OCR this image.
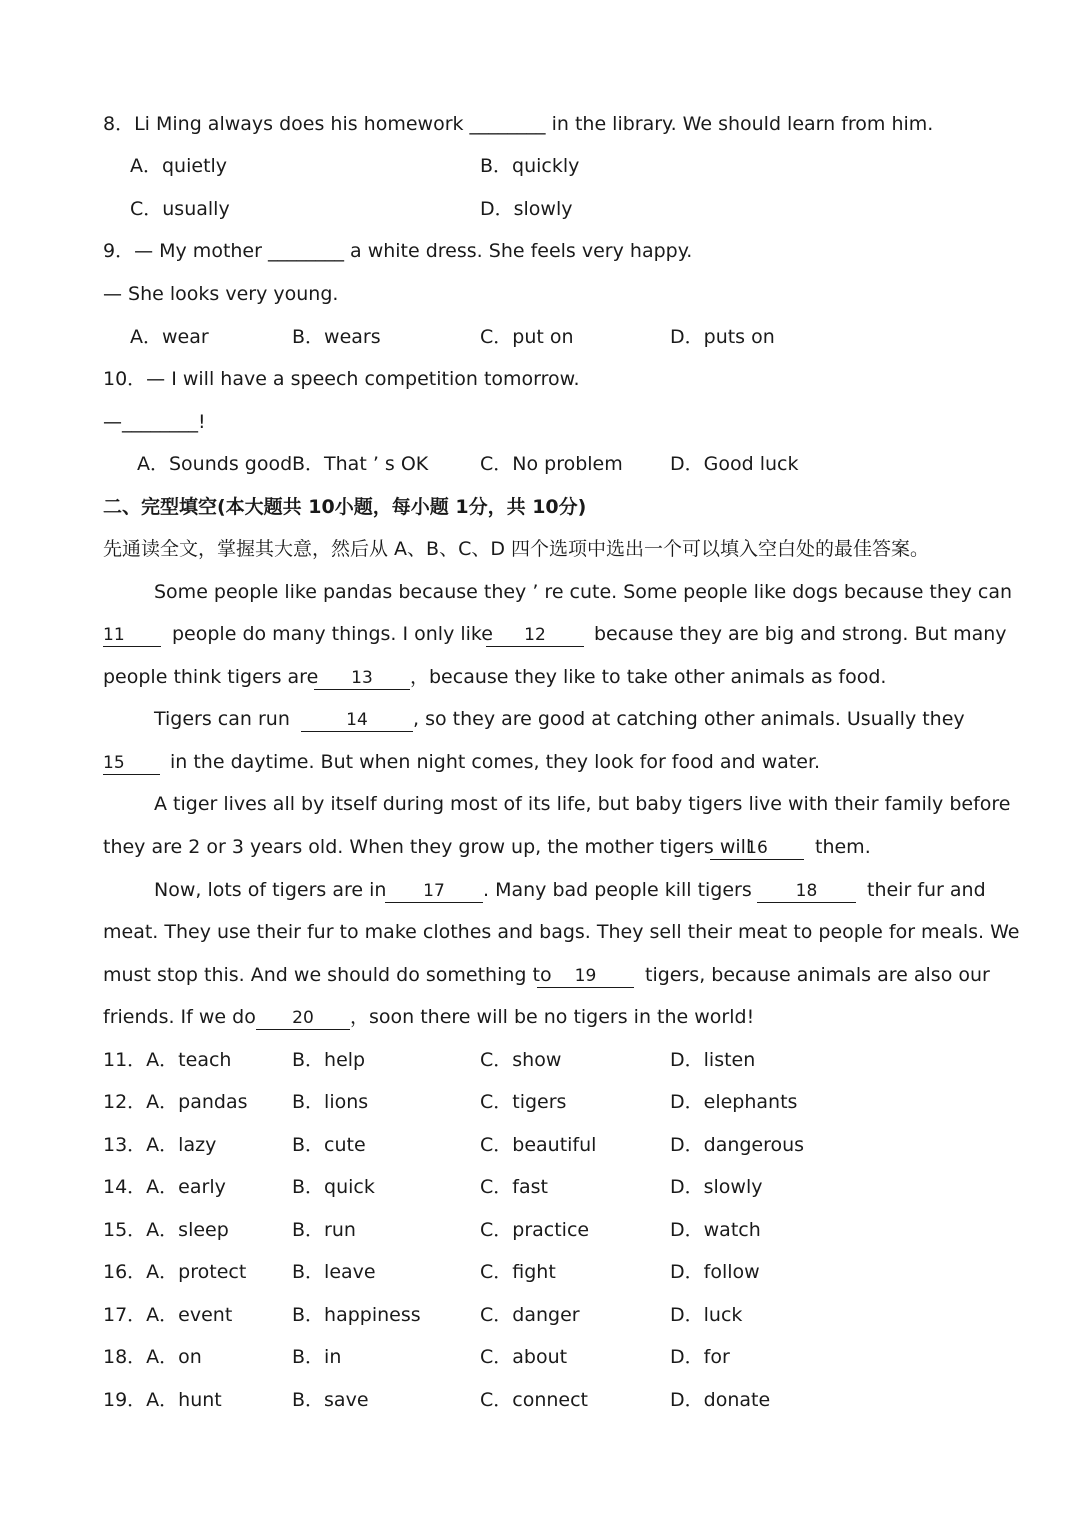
8．Li Ming always does his homework ________ in the library. We should learn from him.
A．quietly	B．quickly
C．usually	D．slowly
9．— My mother ________ a white dress. She feels very happy.
— She looks very young.
A．wear	B．wears	C．put on	D．puts on
10．— I will have a speech competition tomorrow.
—________!
A．Sounds good B．That ’ s OK	C．No problem D．Good luck
二、完型填空(本大题共 10小题，每小题 1分，共 10分)
先通读全文，掌握其大意，然后从 A、B、C、D 四个选项中选出一个可以填入空白处的最佳答案。
Some people like pandas because they ’ re cute. Some people like dogs because they can
11	people do many things. I only like	12	because they are big and strong. But many
people think tigers are	13	，because they like to take other animals as food.
Tigers can run	14	, so they are good at catching other animals. Usually they
15	in the daytime. But when night comes, they look for food and water.
A tiger lives all by itself during most of its life, but baby tigers live with their family before
they are 2 or 3 years old. When they grow up, the mother tigers will
16	them.
Now, lots of tigers are in	17	. Many bad people kill tigers	18	their fur and
meat. They use their fur to make clothes and bags. They sell their meat to people for meals. We
must stop this. And we should do something to	19	tigers, because animals are also our
friends. If we do	20	，soon there will be no tigers in the world!
11．A．teach	B．help	C．show	D．listen
12．A．pandas B．lions	C．tigers	D．elephants
13．A．lazy	B．cute	C．beautiful	D．dangerous
14．A．early	B．quick	C．fast	D．slowly
15．A．sleep	B．run	C．practice	D．watch
16．A．protect B．leave	C．fight	D．follow
17．A．event	B．happiness	C．danger	D．luck
18．A．on	B．in	C．about	D．for
19．A．hunt	B．save	C．connect	D．donate
